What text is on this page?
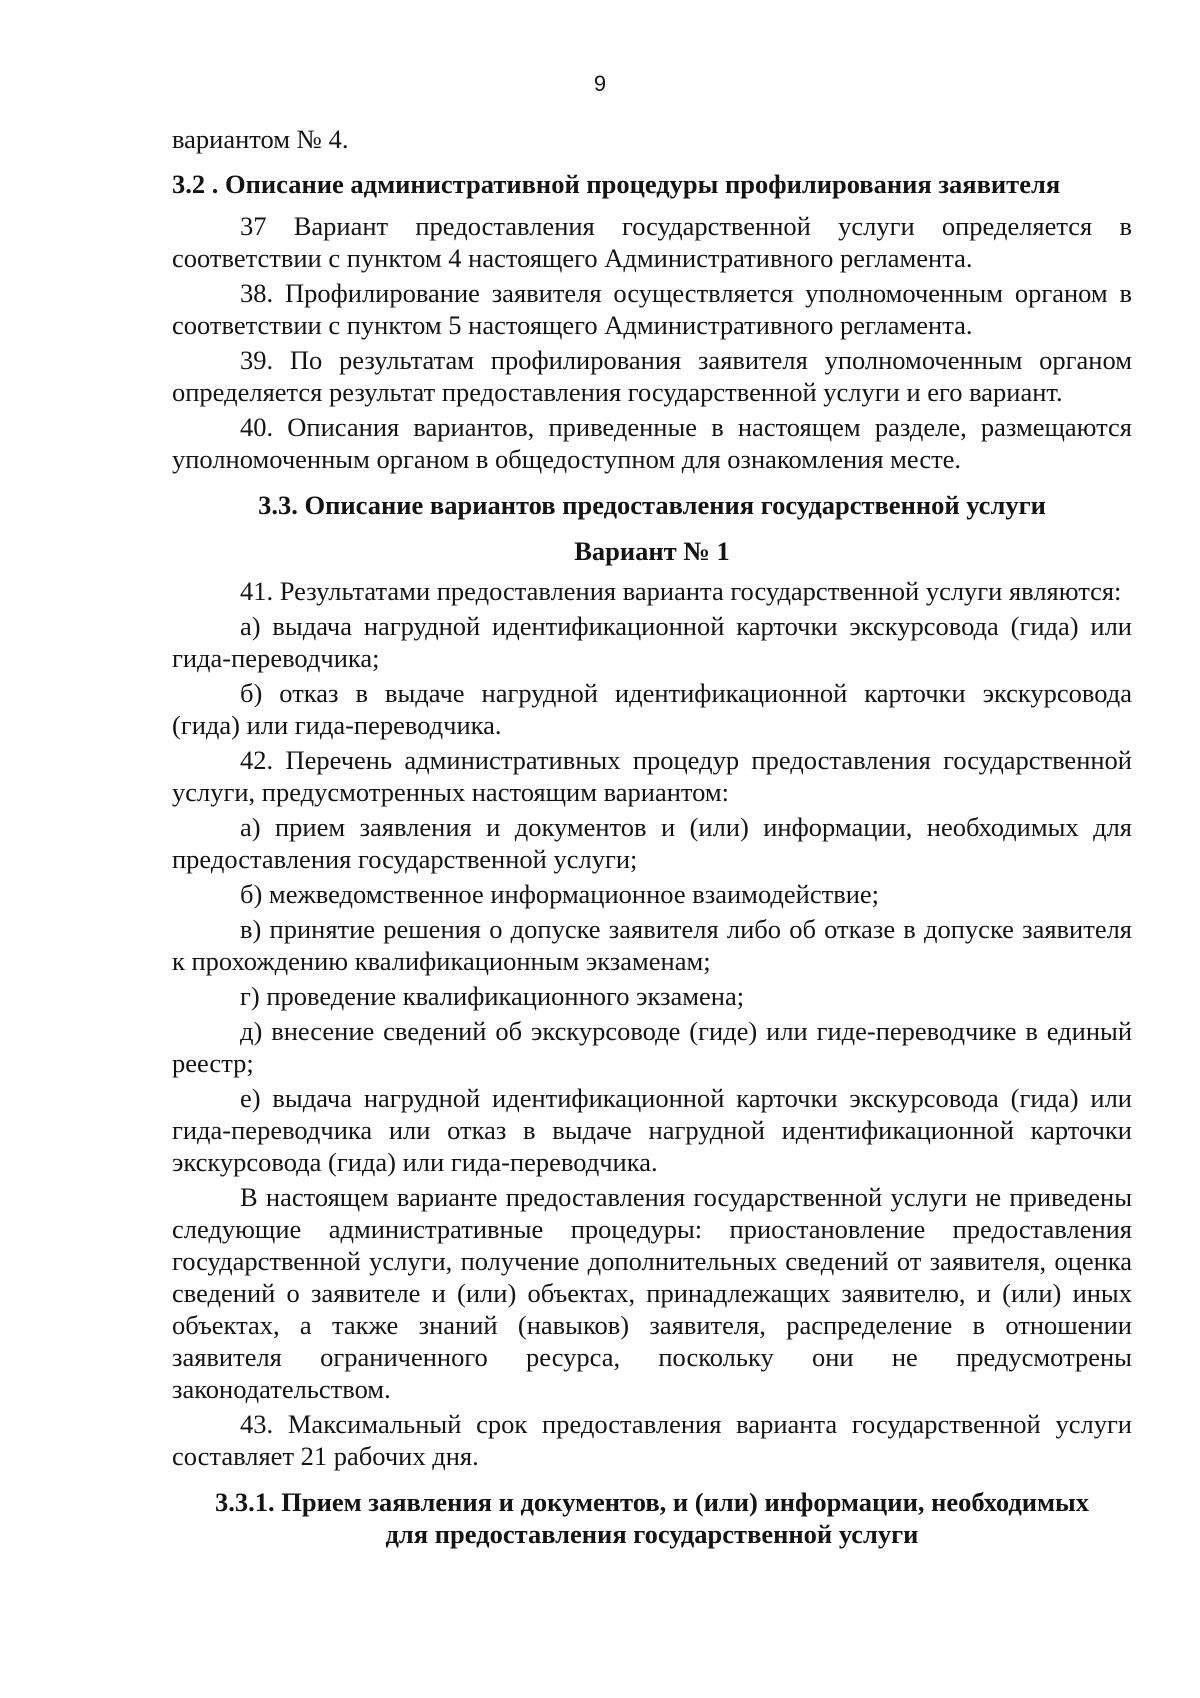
9

вариантом № 4.

3.2 . Описание административной процедуры профилирования заявителя

37 Вариант предоставления государственной услуги определяется в соответствии с пунктом 4 настоящего Административного регламента.

38. Профилирование заявителя осуществляется уполномоченным органом в соответствии с пунктом 5 настоящего Административного регламента.

39. По результатам профилирования заявителя уполномоченным органом определяется результат предоставления государственной услуги и его вариант.

40. Описания вариантов, приведенные в настоящем разделе, размещаются уполномоченным органом в общедоступном для ознакомления месте.

3.3. Описание вариантов предоставления государственной услуги

Вариант № 1

41. Результатами предоставления варианта государственной услуги являются:

а) выдача нагрудной идентификационной карточки экскурсовода (гида) или гида-переводчика;

б) отказ в выдаче нагрудной идентификационной карточки экскурсовода (гида) или гида-переводчика.

42. Перечень административных процедур предоставления государственной услуги, предусмотренных настоящим вариантом:

а) прием заявления и документов и (или) информации, необходимых для предоставления государственной услуги;

б) межведомственное информационное взаимодействие;

в) принятие решения о допуске заявителя либо об отказе в допуске заявителя к прохождению квалификационным экзаменам;

г) проведение квалификационного экзамена;

д) внесение сведений об экскурсоводе (гиде) или гиде-переводчике в единый реестр;

е) выдача нагрудной идентификационной карточки экскурсовода (гида) или гида-переводчика или отказ в выдаче нагрудной идентификационной карточки экскурсовода (гида) или гида-переводчика.

В настоящем варианте предоставления государственной услуги не приведены следующие административные процедуры: приостановление предоставления государственной услуги, получение дополнительных сведений от заявителя, оценка сведений о заявителе и (или) объектах, принадлежащих заявителю, и (или) иных объектах, а также знаний (навыков) заявителя, распределение в отношении заявителя ограниченного ресурса, поскольку они не предусмотрены законодательством.

43. Максимальный срок предоставления варианта государственной услуги составляет 21 рабочих дня.

3.3.1. Прием заявления и документов, и (или) информации, необходимых

для предоставления государственной услуги
